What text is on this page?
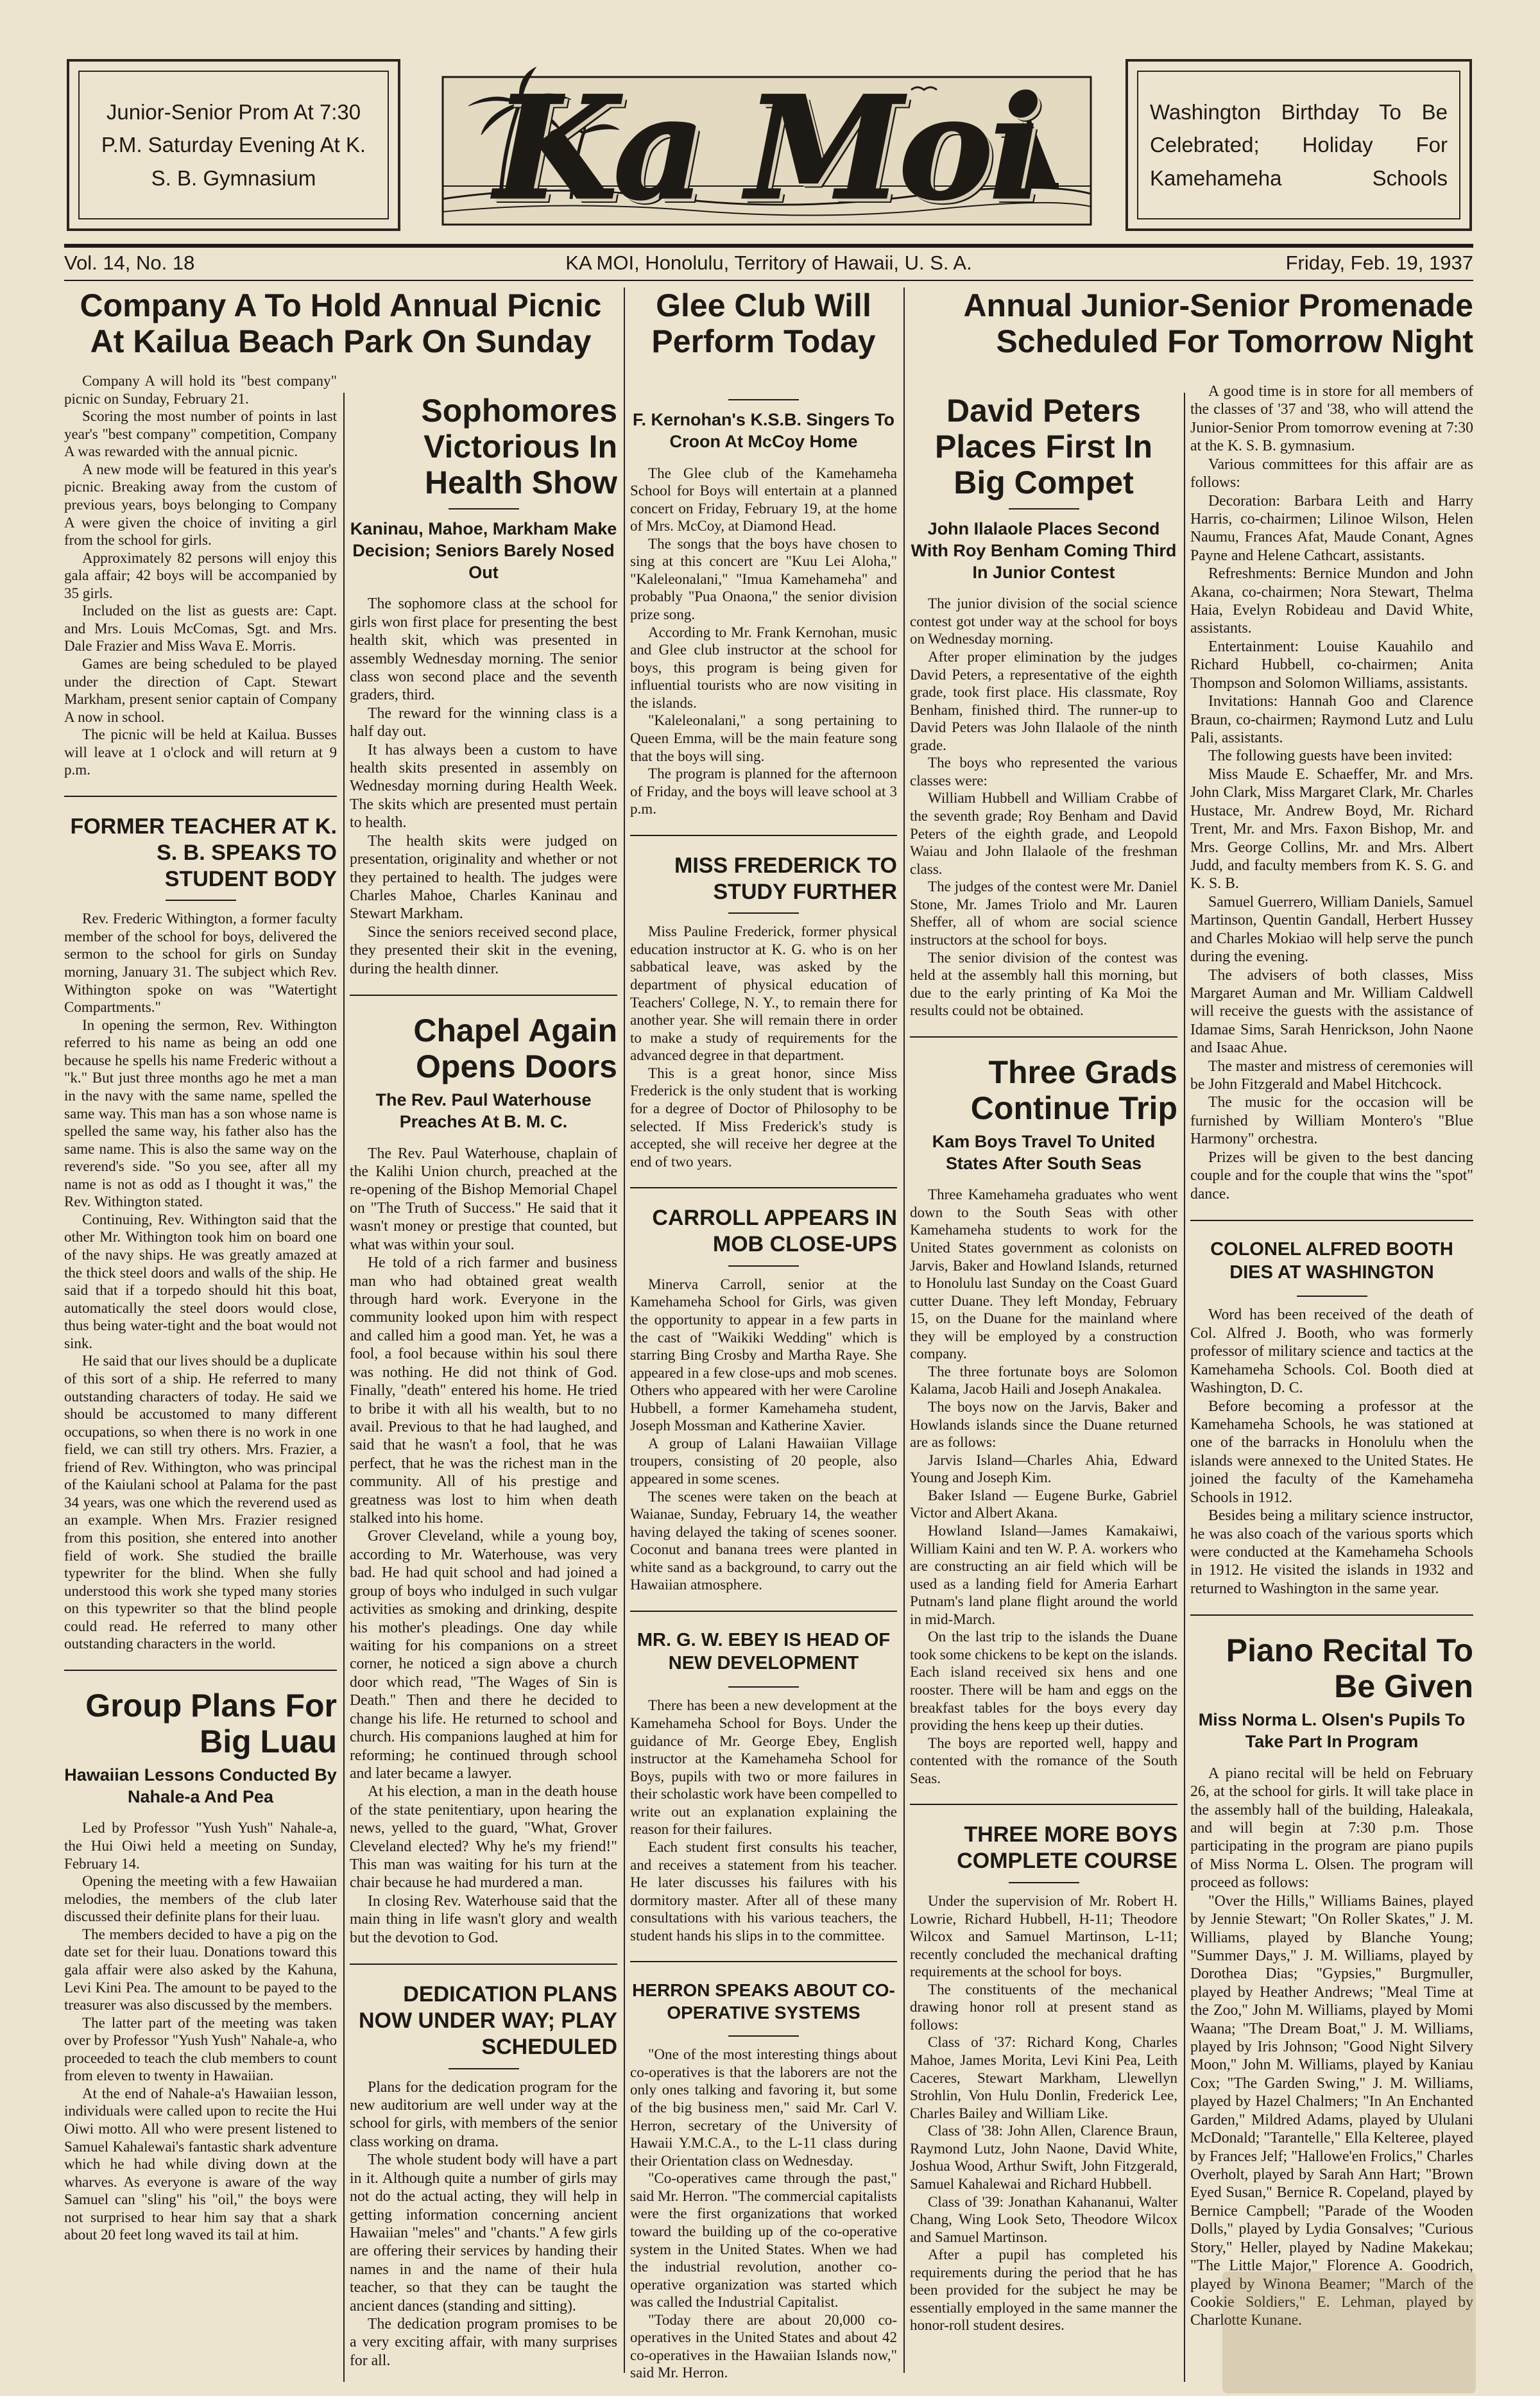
Junior-Senior Prom At 7:30 P.M. Saturday Evening At K. S. B. Gymnasium
Washington Birthday To Be Celebrated; Holiday For Kamehameha Schools
Ka Moi
Vol. 14, No. 18	KA MOI, Honolulu, Territory of Hawaii, U. S. A.	Friday, Feb. 19, 1937
Company A To Hold Annual Picnic At Kailua Beach Park On Sunday
Glee Club Will Perform Today
Annual Junior-Senior Promenade Scheduled For Tomorrow Night

Company A will hold its "best company" picnic on Sunday, February 21.

Scoring the most number of points in last year's "best company" competition, Company A was rewarded with the annual picnic.

A new mode will be featured in this year's picnic. Breaking away from the custom of previous years, boys belonging to Company A were given the choice of inviting a girl from the school for girls.

Approximately 82 persons will enjoy this gala affair; 42 boys will be accompanied by 35 girls.

Included on the list as guests are: Capt. and Mrs. Louis McComas, Sgt. and Mrs. Dale Frazier and Miss Wava E. Morris.

Games are being scheduled to be played under the direction of Capt. Stewart Markham, present senior captain of Company A now in school.

The picnic will be held at Kailua. Busses will leave at 1 o'clock and will return at 9 p.m.

FORMER TEACHER AT K. S. B. SPEAKS TO STUDENT BODY

Rev. Frederic Withington, a former faculty member of the school for boys, delivered the sermon to the school for girls on Sunday morning, January 31. The subject which Rev. Withington spoke on was "Watertight Compartments."

In opening the sermon, Rev. Withington referred to his name as being an odd one because he spells his name Frederic without a "k." But just three months ago he met a man in the navy with the same name, spelled the same way. This man has a son whose name is spelled the same way, his father also has the same name. This is also the same way on the reverend's side. "So you see, after all my name is not as odd as I thought it was," the Rev. Withington stated.

Continuing, Rev. Withington said that the other Mr. Withington took him on board one of the navy ships. He was greatly amazed at the thick steel doors and walls of the ship. He said that if a torpedo should hit this boat, automatically the steel doors would close, thus being water-tight and the boat would not sink.

He said that our lives should be a duplicate of this sort of a ship. He referred to many outstanding characters of today. He said we should be accustomed to many different occupations, so when there is no work in one field, we can still try others. Mrs. Frazier, a friend of Rev. Withington, who was principal of the Kaiulani school at Palama for the past 34 years, was one which the reverend used as an example. When Mrs. Frazier resigned from this position, she entered into another field of work. She studied the braille typewriter for the blind. When she fully understood this work she typed many stories on this typewriter so that the blind people could read. He referred to many other outstanding characters in the world.

Group Plans For Big Luau
Hawaiian Lessons Conducted By Nahale-a And Pea

Led by Professor "Yush Yush" Nahale-a, the Hui Oiwi held a meeting on Sunday, February 14.

Opening the meeting with a few Hawaiian melodies, the members of the club later discussed their definite plans for their luau.

The members decided to have a pig on the date set for their luau. Donations toward this gala affair were also asked by the Kahuna, Levi Kini Pea. The amount to be payed to the treasurer was also discussed by the members.

The latter part of the meeting was taken over by Professor "Yush Yush" Nahale-a, who proceeded to teach the club members to count from eleven to twenty in Hawaiian.

At the end of Nahale-a's Hawaiian lesson, individuals were called upon to recite the Hui Oiwi motto. All who were present listened to Samuel Kahalewai's fantastic shark adventure which he had while diving down at the wharves. As everyone is aware of the way Samuel can "sling" his "oil," the boys were not surprised to hear him say that a shark about 20 feet long waved its tail at him.

Sophomores Victorious In Health Show
Kaninau, Mahoe, Markham Make Decision; Seniors Barely Nosed Out

The sophomore class at the school for girls won first place for presenting the best health skit, which was presented in assembly Wednesday morning. The senior class won second place and the seventh graders, third.

The reward for the winning class is a half day out.

It has always been a custom to have health skits presented in assembly on Wednesday morning during Health Week. The skits which are presented must pertain to health.

The health skits were judged on presentation, originality and whether or not they pertained to health. The judges were Charles Mahoe, Charles Kaninau and Stewart Markham.

Since the seniors received second place, they presented their skit in the evening, during the health dinner.

Chapel Again Opens Doors
The Rev. Paul Waterhouse Preaches At B. M. C.

The Rev. Paul Waterhouse, chaplain of the Kalihi Union church, preached at the re-opening of the Bishop Memorial Chapel on "The Truth of Success." He said that it wasn't money or prestige that counted, but what was within your soul.

He told of a rich farmer and business man who had obtained great wealth through hard work. Everyone in the community looked upon him with respect and called him a good man. Yet, he was a fool, a fool because within his soul there was nothing. He did not think of God. Finally, "death" entered his home. He tried to bribe it with all his wealth, but to no avail. Previous to that he had laughed, and said that he wasn't a fool, that he was perfect, that he was the richest man in the community. All of his prestige and greatness was lost to him when death stalked into his home.

Grover Cleveland, while a young boy, according to Mr. Waterhouse, was very bad. He had quit school and had joined a group of boys who indulged in such vulgar activities as smoking and drinking, despite his mother's pleadings. One day while waiting for his companions on a street corner, he noticed a sign above a church door which read, "The Wages of Sin is Death." Then and there he decided to change his life. He returned to school and church. His companions laughed at him for reforming; he continued through school and later became a lawyer.

At his election, a man in the death house of the state penitentiary, upon hearing the news, yelled to the guard, "What, Grover Cleveland elected? Why he's my friend!" This man was waiting for his turn at the chair because he had murdered a man.

In closing Rev. Waterhouse said that the main thing in life wasn't glory and wealth but the devotion to God.

DEDICATION PLANS NOW UNDER WAY; PLAY SCHEDULED

Plans for the dedication program for the new auditorium are well under way at the school for girls, with members of the senior class working on drama.

The whole student body will have a part in it. Although quite a number of girls may not do the actual acting, they will help in getting information concerning ancient Hawaiian "meles" and "chants." A few girls are offering their services by handing their names in and the name of their hula teacher, so that they can be taught the ancient dances (standing and sitting).

The dedication program promises to be a very exciting affair, with many surprises for all.

F. Kernohan's K.S.B. Singers To Croon At McCoy Home

The Glee club of the Kamehameha School for Boys will entertain at a planned concert on Friday, February 19, at the home of Mrs. McCoy, at Diamond Head.

The songs that the boys have chosen to sing at this concert are "Kuu Lei Aloha," "Kaleleonalani," "Imua Kamehameha" and probably "Pua Onaona," the senior division prize song.

According to Mr. Frank Kernohan, music and Glee club instructor at the school for boys, this program is being given for influential tourists who are now visiting in the islands.

"Kaleleonalani," a song pertaining to Queen Emma, will be the main feature song that the boys will sing.

The program is planned for the afternoon of Friday, and the boys will leave school at 3 p.m.

MISS FREDERICK TO STUDY FURTHER

Miss Pauline Frederick, former physical education instructor at K. G. who is on her sabbatical leave, was asked by the department of physical education of Teachers' College, N. Y., to remain there for another year. She will remain there in order to make a study of requirements for the advanced degree in that department.

This is a great honor, since Miss Frederick is the only student that is working for a degree of Doctor of Philosophy to be selected. If Miss Frederick's study is accepted, she will receive her degree at the end of two years.

CARROLL APPEARS IN MOB CLOSE-UPS

Minerva Carroll, senior at the Kamehameha School for Girls, was given the opportunity to appear in a few parts in the cast of "Waikiki Wedding" which is starring Bing Crosby and Martha Raye. She appeared in a few close-ups and mob scenes. Others who appeared with her were Caroline Hubbell, a former Kamehameha student, Joseph Mossman and Katherine Xavier.

A group of Lalani Hawaiian Village troupers, consisting of 20 people, also appeared in some scenes.

The scenes were taken on the beach at Waianae, Sunday, February 14, the weather having delayed the taking of scenes sooner. Coconut and banana trees were planted in white sand as a background, to carry out the Hawaiian atmosphere.

MR. G. W. EBEY IS HEAD OF NEW DEVELOPMENT

There has been a new development at the Kamehameha School for Boys. Under the guidance of Mr. George Ebey, English instructor at the Kamehameha School for Boys, pupils with two or more failures in their scholastic work have been compelled to write out an explanation explaining the reason for their failures.

Each student first consults his teacher, and receives a statement from his teacher. He later discusses his failures with his dormitory master. After all of these many consultations with his various teachers, the student hands his slips in to the committee.

HERRON SPEAKS ABOUT CO-OPERATIVE SYSTEMS

"One of the most interesting things about co-operatives is that the laborers are not the only ones talking and favoring it, but some of the big business men," said Mr. Carl V. Herron, secretary of the University of Hawaii Y.M.C.A., to the L-11 class during their Orientation class on Wednesday.

"Co-operatives came through the past," said Mr. Herron. "The commercial capitalists were the first organizations that worked toward the building up of the co-operative system in the United States. When we had the industrial revolution, another co-operative organization was started which was called the Industrial Capitalist.

"Today there are about 20,000 co-operatives in the United States and about 42 co-operatives in the Hawaiian Islands now," said Mr. Herron.

David Peters Places First In Big Compet
John Ilalaole Places Second With Roy Benham Coming Third In Junior Contest

The junior division of the social science contest got under way at the school for boys on Wednesday morning.

After proper elimination by the judges David Peters, a representative of the eighth grade, took first place. His classmate, Roy Benham, finished third. The runner-up to David Peters was John Ilalaole of the ninth grade.

The boys who represented the various classes were:

William Hubbell and William Crabbe of the seventh grade; Roy Benham and David Peters of the eighth grade, and Leopold Waiau and John Ilalaole of the freshman class.

The judges of the contest were Mr. Daniel Stone, Mr. James Triolo and Mr. Lauren Sheffer, all of whom are social science instructors at the school for boys.

The senior division of the contest was held at the assembly hall this morning, but due to the early printing of Ka Moi the results could not be obtained.

Three Grads Continue Trip
Kam Boys Travel To United States After South Seas

Three Kamehameha graduates who went down to the South Seas with other Kamehameha students to work for the United States government as colonists on Jarvis, Baker and Howland Islands, returned to Honolulu last Sunday on the Coast Guard cutter Duane. They left Monday, February 15, on the Duane for the mainland where they will be employed by a construction company.

The three fortunate boys are Solomon Kalama, Jacob Haili and Joseph Anakalea.

The boys now on the Jarvis, Baker and Howlands islands since the Duane returned are as follows:

Jarvis Island—Charles Ahia, Edward Young and Joseph Kim.

Baker Island — Eugene Burke, Gabriel Victor and Albert Akana.

Howland Island—James Kamakaiwi, William Kaini and ten W. P. A. workers who are constructing an air field which will be used as a landing field for Ameria Earhart Putnam's land plane flight around the world in mid-March.

On the last trip to the islands the Duane took some chickens to be kept on the islands. Each island received six hens and one rooster. There will be ham and eggs on the breakfast tables for the boys every day providing the hens keep up their duties.

The boys are reported well, happy and contented with the romance of the South Seas.

THREE MORE BOYS COMPLETE COURSE

Under the supervision of Mr. Robert H. Lowrie, Richard Hubbell, H-11; Theodore Wilcox and Samuel Martinson, L-11; recently concluded the mechanical drafting requirements at the school for boys.

The constituents of the mechanical drawing honor roll at present stand as follows:

Class of '37: Richard Kong, Charles Mahoe, James Morita, Levi Kini Pea, Leith Caceres, Stewart Markham, Llewellyn Strohlin, Von Hulu Donlin, Frederick Lee, Charles Bailey and William Like.

Class of '38: John Allen, Clarence Braun, Raymond Lutz, John Naone, David White, Joshua Wood, Arthur Swift, John Fitzgerald, Samuel Kahalewai and Richard Hubbell.

Class of '39: Jonathan Kahananui, Walter Chang, Wing Look Seto, Theodore Wilcox and Samuel Martinson.

After a pupil has completed his requirements during the period that he has been provided for the subject he may be essentially employed in the same manner the honor-roll student desires.

A good time is in store for all members of the classes of '37 and '38, who will attend the Junior-Senior Prom tomorrow evening at 7:30 at the K. S. B. gymnasium.

Various committees for this affair are as follows:

Decoration: Barbara Leith and Harry Harris, co-chairmen; Lilinoe Wilson, Helen Naumu, Frances Afat, Maude Conant, Agnes Payne and Helene Cathcart, assistants.

Refreshments: Bernice Mundon and John Akana, co-chairmen; Nora Stewart, Thelma Haia, Evelyn Robideau and David White, assistants.

Entertainment: Louise Kauahilo and Richard Hubbell, co-chairmen; Anita Thompson and Solomon Williams, assistants.

Invitations: Hannah Goo and Clarence Braun, co-chairmen; Raymond Lutz and Lulu Pali, assistants.

The following guests have been invited:

Miss Maude E. Schaeffer, Mr. and Mrs. John Clark, Miss Margaret Clark, Mr. Charles Hustace, Mr. Andrew Boyd, Mr. Richard Trent, Mr. and Mrs. Faxon Bishop, Mr. and Mrs. George Collins, Mr. and Mrs. Albert Judd, and faculty members from K. S. G. and K. S. B.

Samuel Guerrero, William Daniels, Samuel Martinson, Quentin Gandall, Herbert Hussey and Charles Mokiao will help serve the punch during the evening.

The advisers of both classes, Miss Margaret Auman and Mr. William Caldwell will receive the guests with the assistance of Idamae Sims, Sarah Henrickson, John Naone and Isaac Ahue.

The master and mistress of ceremonies will be John Fitzgerald and Mabel Hitchcock.

The music for the occasion will be furnished by William Montero's "Blue Harmony" orchestra.

Prizes will be given to the best dancing couple and for the couple that wins the "spot" dance.

COLONEL ALFRED BOOTH DIES AT WASHINGTON

Word has been received of the death of Col. Alfred J. Booth, who was formerly professor of military science and tactics at the Kamehameha Schools. Col. Booth died at Washington, D. C.

Before becoming a professor at the Kamehameha Schools, he was stationed at one of the barracks in Honolulu when the islands were annexed to the United States. He joined the faculty of the Kamehameha Schools in 1912.

Besides being a military science instructor, he was also coach of the various sports which were conducted at the Kamehameha Schools in 1912. He visited the islands in 1932 and returned to Washington in the same year.

Piano Recital To Be Given
Miss Norma L. Olsen's Pupils To Take Part In Program

A piano recital will be held on February 26, at the school for girls. It will take place in the assembly hall of the building, Haleakala, and will begin at 7:30 p.m. Those participating in the program are piano pupils of Miss Norma L. Olsen. The program will proceed as follows:

"Over the Hills," Williams Baines, played by Jennie Stewart; "On Roller Skates," J. M. Williams, played by Blanche Young; "Summer Days," J. M. Williams, played by Dorothea Dias; "Gypsies," Burgmuller, played by Heather Andrews; "Meal Time at the Zoo," John M. Williams, played by Momi Waana; "The Dream Boat," J. M. Williams, played by Iris Johnson; "Good Night Silvery Moon," John M. Williams, played by Kaniau Cox; "The Garden Swing," J. M. Williams, played by Hazel Chalmers; "In An Enchanted Garden," Mildred Adams, played by Ululani McDonald; "Tarantelle," Ella Kelteree, played by Frances Jelf; "Hallowe'en Frolics," Charles Overholt, played by Sarah Ann Hart; "Brown Eyed Susan," Bernice R. Copeland, played by Bernice Campbell; "Parade of the Wooden Dolls," played by Lydia Gonsalves; "Curious Story," Heller, played by Nadine Makekau; "The Little Major," Florence A. Goodrich, played by Winona Beamer; "March of the Cookie Soldiers," E. Lehman, played by Charlotte Kunane.
